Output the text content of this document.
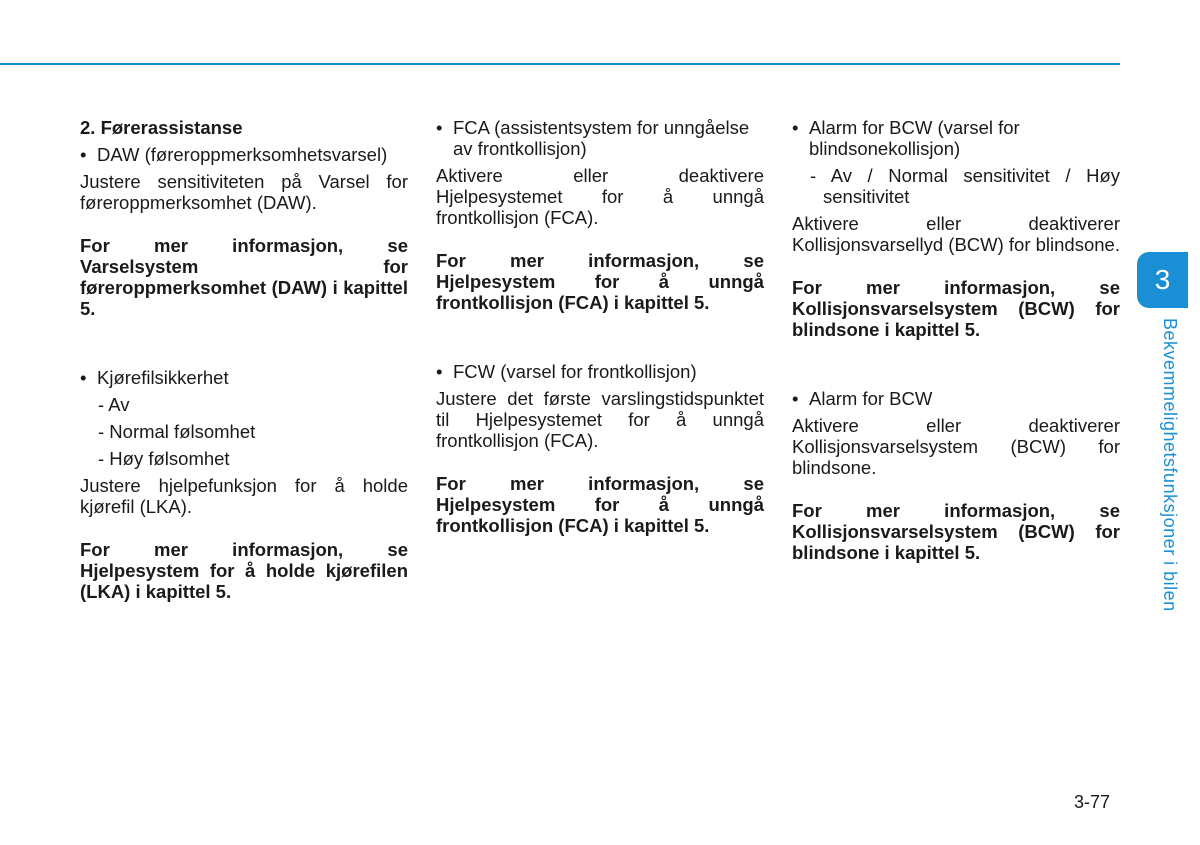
2. Førerassistanse

• DAW (føreroppmerksomhetsvarsel)

Justere sensitiviteten på Varsel for føreroppmerksomhet (DAW).

For mer informasjon, se Varselsystem for føreroppmerksomhet (DAW) i kapittel 5.

• Kjørefilsikkerhet

- Av

- Normal følsomhet

- Høy følsomhet

Justere hjelpefunksjon for å holde kjørefil (LKA).

For mer informasjon, se Hjelpesystem for å holde kjørefilen (LKA) i kapittel 5.

• FCA (assistentsystem for unngåelse av frontkollisjon)

Aktivere eller deaktivere Hjelpesystemet for å unngå frontkollisjon (FCA).

For mer informasjon, se Hjelpesystem for å unngå frontkollisjon (FCA) i kapittel 5.

• FCW (varsel for frontkollisjon)

Justere det første varslingstidspunktet til Hjelpesystemet for å unngå frontkollisjon (FCA).

For mer informasjon, se Hjelpesystem for å unngå frontkollisjon (FCA) i kapittel 5.

• Alarm for BCW (varsel for blindsonekollisjon)

- Av / Normal sensitivitet / Høy sensitivitet

Aktivere eller deaktiverer Kollisjonsvarsellyd (BCW) for blindsone.

For mer informasjon, se Kollisjonsvarselsystem (BCW) for blindsone i kapittel 5.

• Alarm for BCW

Aktivere eller deaktiverer Kollisjonsvarselsystem (BCW) for blindsone.

For mer informasjon, se Kollisjonsvarselsystem (BCW) for blindsone i kapittel 5.

3
Bekvemmelighetsfunksjoner i bilen
3-77
